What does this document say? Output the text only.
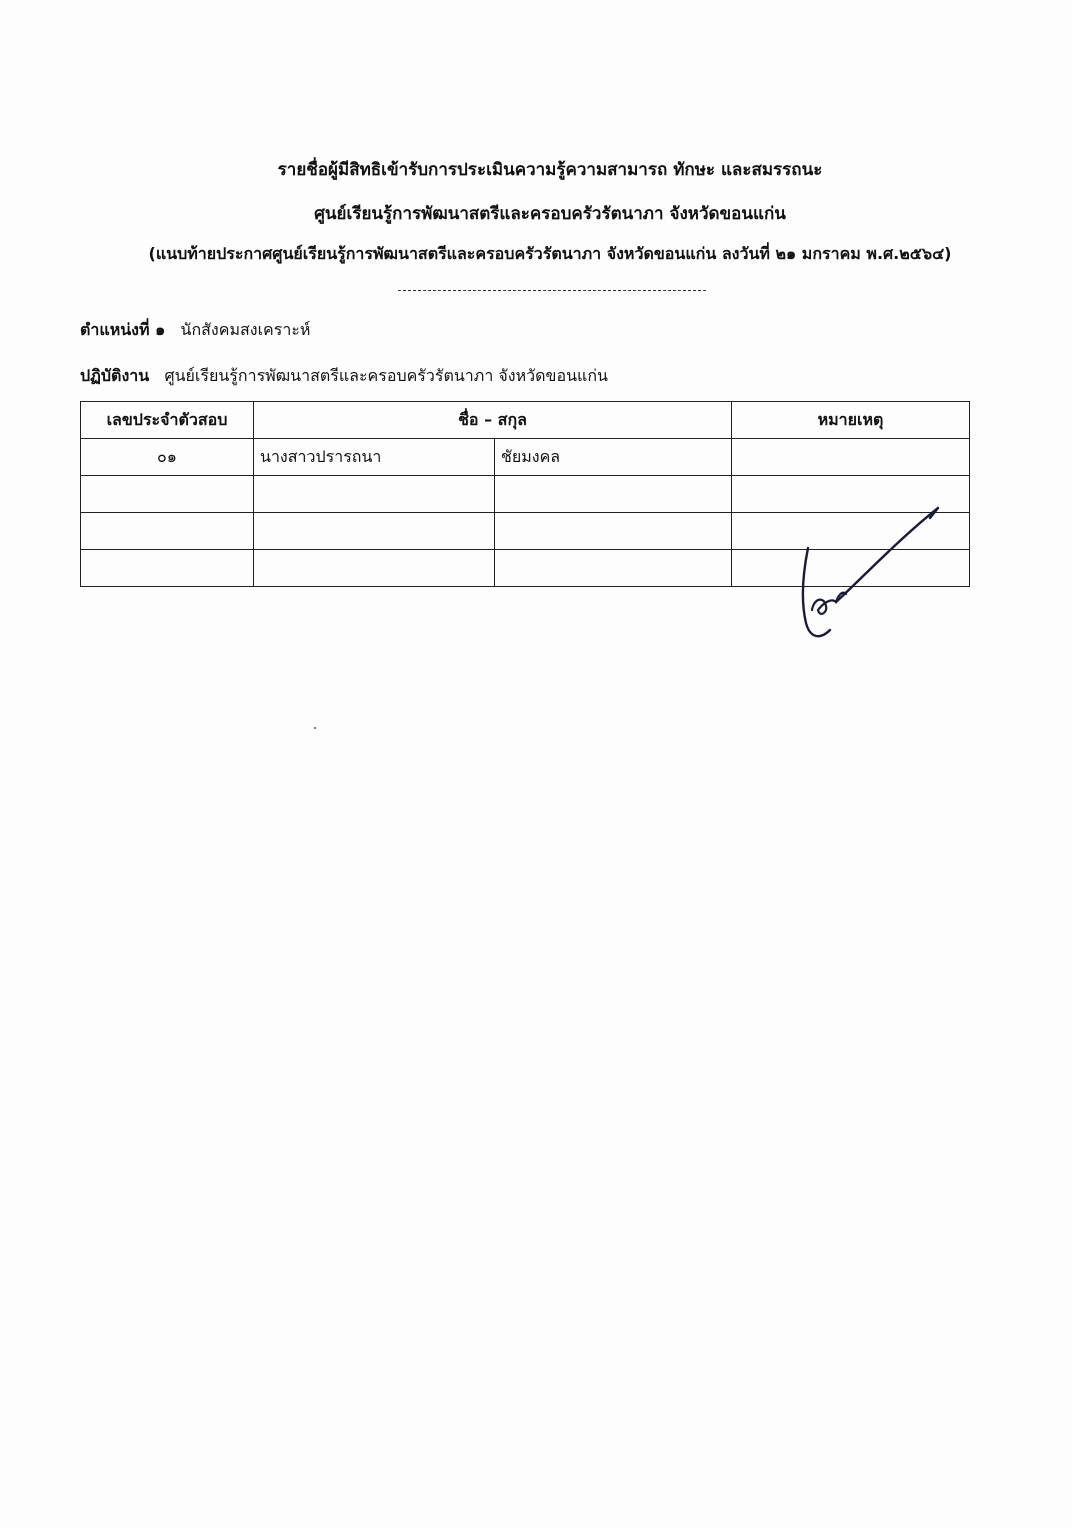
รายชื่อผู้มีสิทธิเข้ารับการประเมินความรู้ความสามารถ ทักษะ และสมรรถนะ
ศูนย์เรียนรู้การพัฒนาสตรีและครอบครัวรัตนาภา จังหวัดขอนแก่น
(แนบท้ายประกาศศูนย์เรียนรู้การพัฒนาสตรีและครอบครัวรัตนาภา จังหวัดขอนแก่น ลงวันที่ ๒๑ มกราคม พ.ศ.๒๕๖๔)
ตำแหน่งที่ ๑ นักสังคมสงเคราะห์
ปฏิบัติงาน ศูนย์เรียนรู้การพัฒนาสตรีและครอบครัวรัตนาภา จังหวัดขอนแก่น
เลขประจำตัวสอบ	ชื่อ – สกุล		หมายเหตุ
๐๑	นางสาวปรารถนา	ชัยมงคล	
